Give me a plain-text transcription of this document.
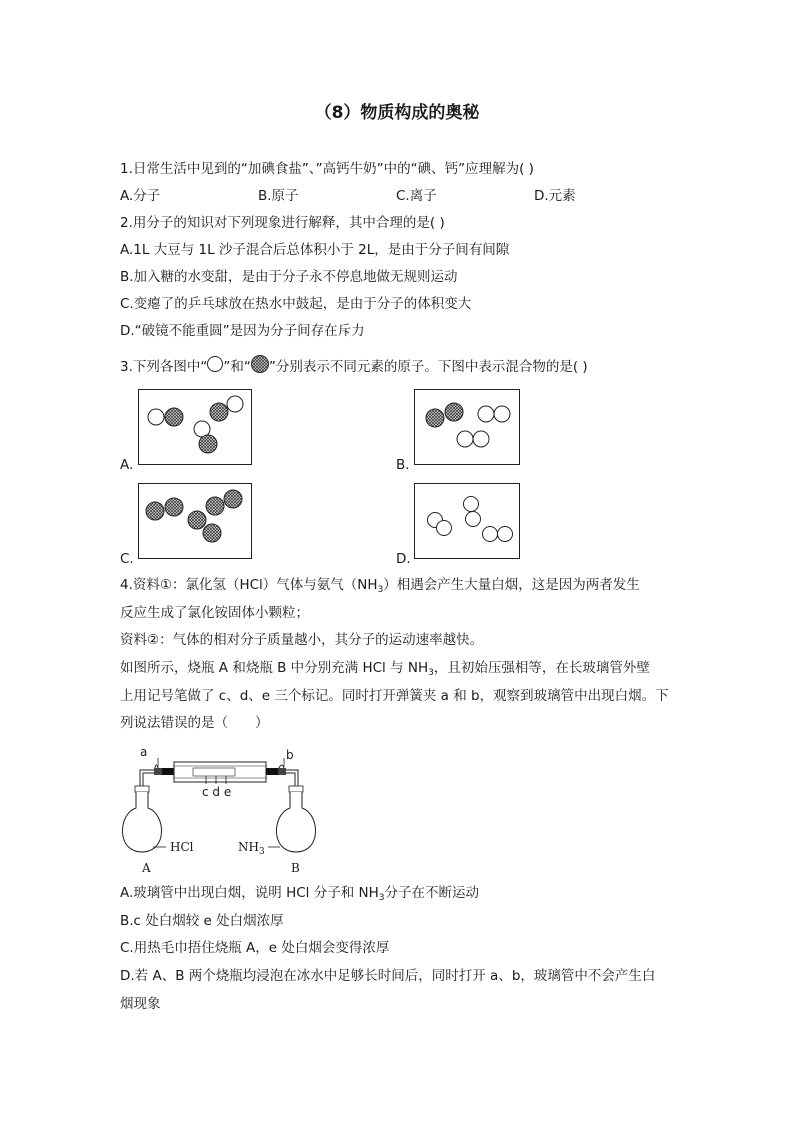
（8）物质构成的奥秘
1.日常生活中见到的“加碘食盐”、”高钙牛奶”中的“碘、钙”应理解为( )
A.分子	B.原子	C.离子	D.元素
2.用分子的知识对下列现象进行解释，其中合理的是( )
A.1L 大豆与 1L 沙子混合后总体积小于 2L，是由于分子间有间隙
B.加入糖的水变甜，是由于分子永不停息地做无规则运动
C.变瘪了的乒乓球放在热水中鼓起，是由于分子的体积变大
D.“破镜不能重圆”是因为分子间存在斥力
3.下列各图中“ ”和“ ”分别表示不同元素的原子。下图中表示混合物的是( )
A.	B.
C.	D.
4.资料①：氯化氢（HCl）气体与氨气$(NH_3)$相遇会产生大量白烟，这是因为两者发生
反应生成了氯化铵固体小颗粒；
资料②：气体的相对分子质量越小，其分子的运动速率越快。
如图所示，烧瓶 A 和烧瓶 B 中分别充满 HCl 与 $NH_3$，且初始压强相等，在长玻璃管外壁
上用记号笔做了 c、d、e 三个标记。同时打开弹簧夹 a 和 b，观察到玻璃管中出现白烟。下
列说法错误的是（　　）
a	b
c d e
HCl	$NH_3$
A	B
A.玻璃管中出现白烟，说明 HCl 分子和 $NH_3$分子在不断运动
B.c 处白烟较 e 处白烟浓厚
C.用热毛巾捂住烧瓶 A，e 处白烟会变得浓厚
D.若 A、B 两个烧瓶均浸泡在冰水中足够长时间后，同时打开 a、b，玻璃管中不会产生白
烟现象
